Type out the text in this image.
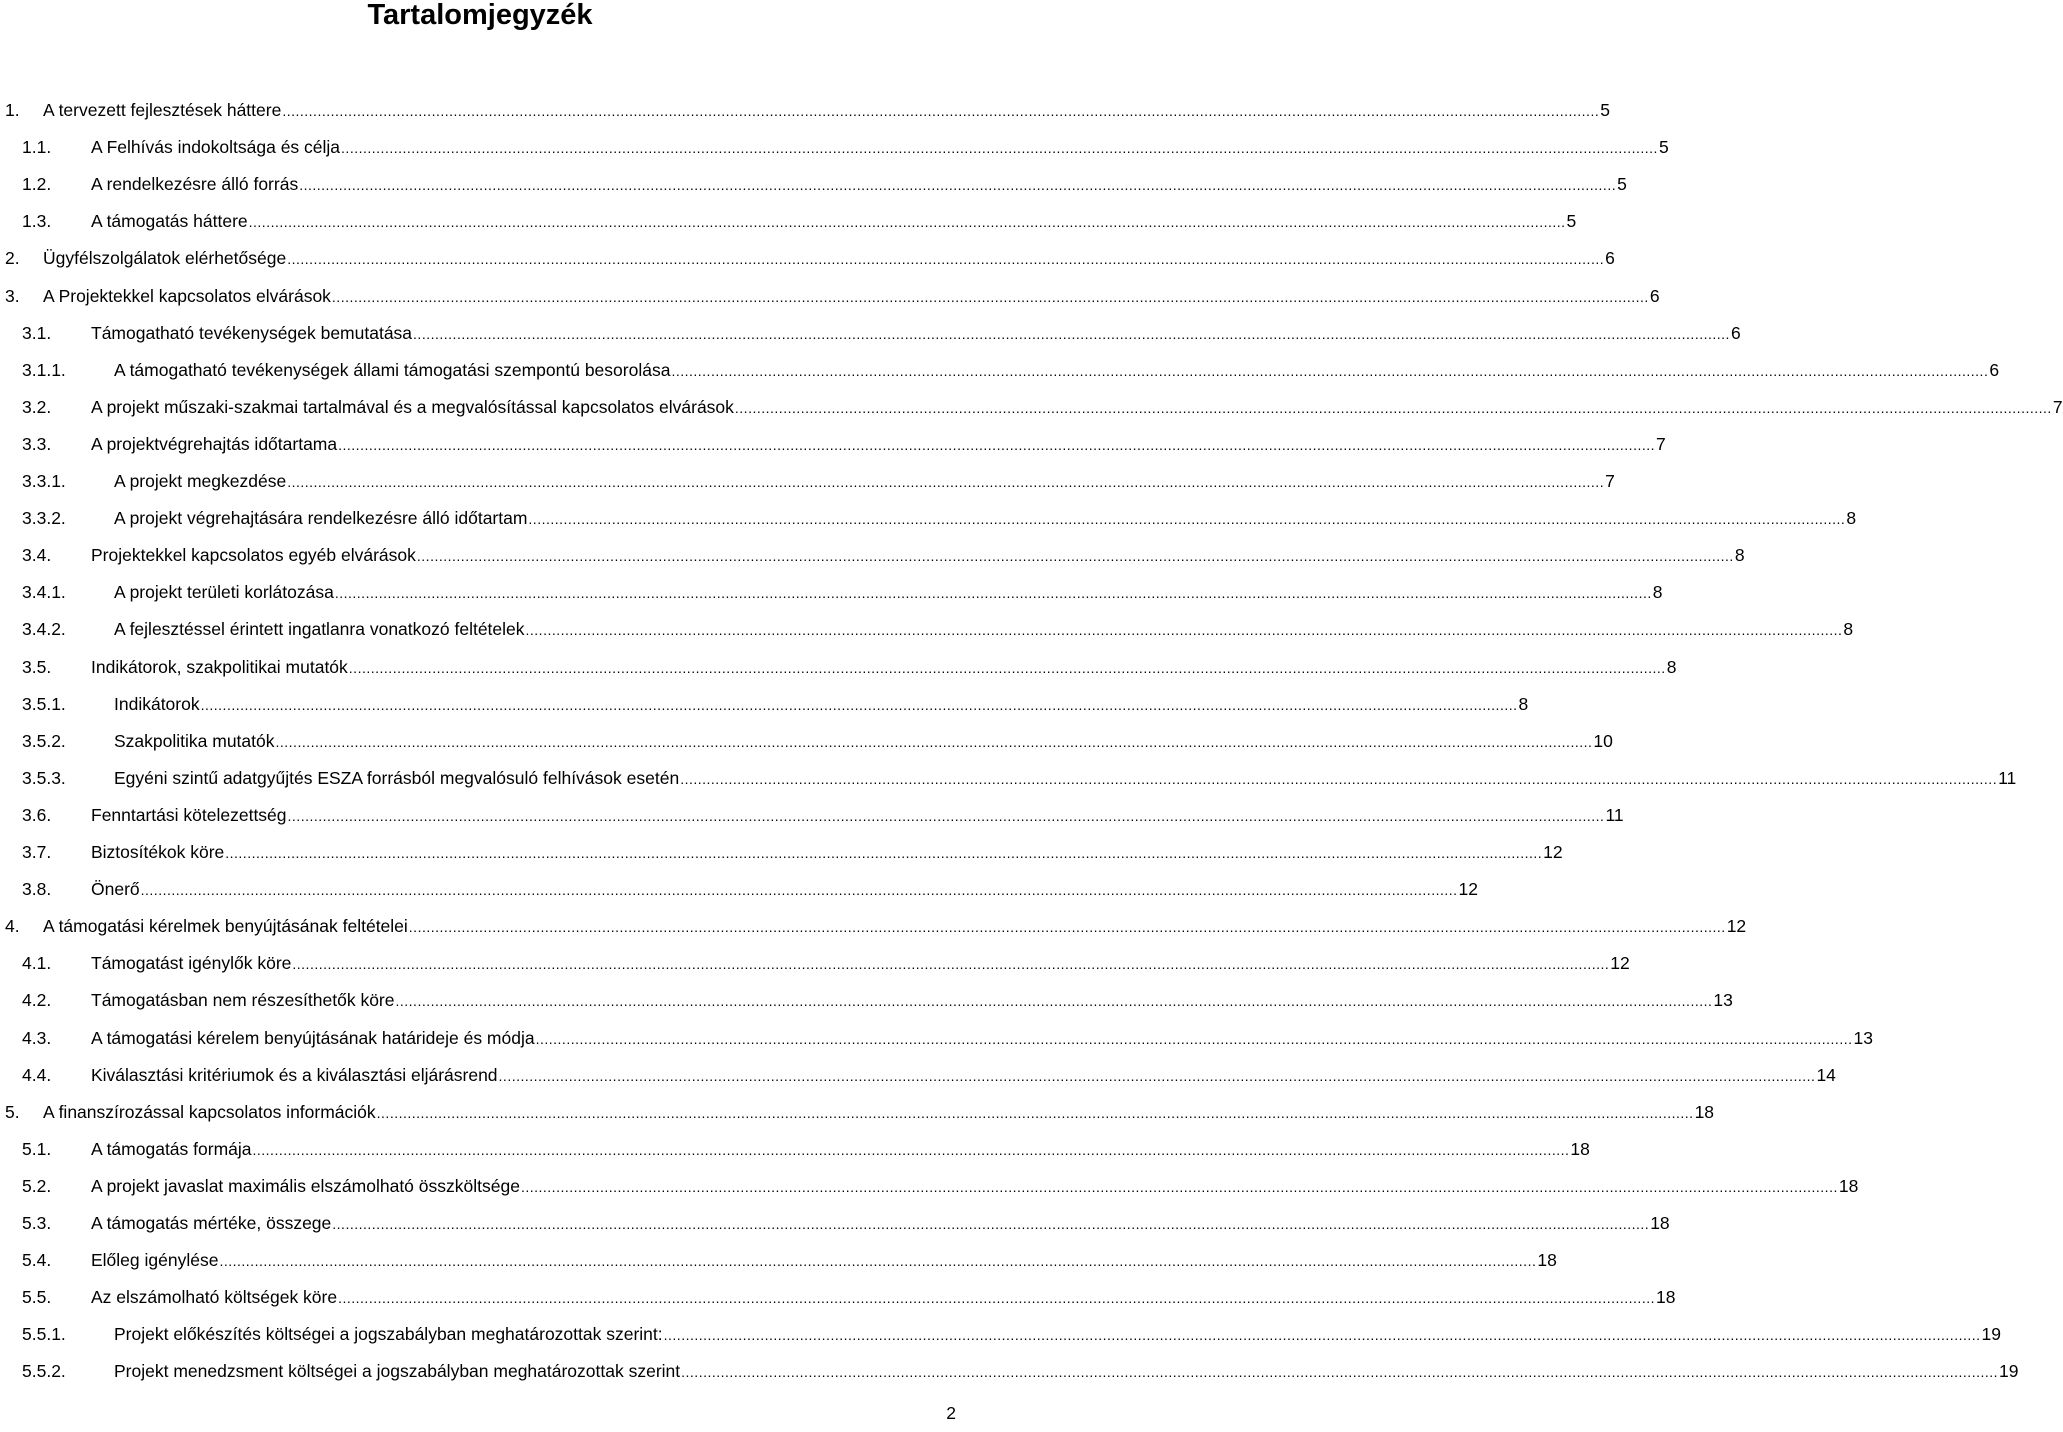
Tartalomjegyzék
1. A tervezett fejlesztések háttere ............................................................................................................................................................................................................................................................................................................ 5
1.1. A Felhívás indokoltsága és célja ............................................................................................................................................................................................................................................................................................................ 5
1.2. A rendelkezésre álló forrás ............................................................................................................................................................................................................................................................................................................ 5
1.3. A támogatás háttere ............................................................................................................................................................................................................................................................................................................ 5
2. Ügyfélszolgálatok elérhetősége ............................................................................................................................................................................................................................................................................................................ 6
3. A Projektekkel kapcsolatos elvárások ............................................................................................................................................................................................................................................................................................................ 6
3.1. Támogatható tevékenységek bemutatása ............................................................................................................................................................................................................................................................................................................ 6
3.1.1.	A támogatható tevékenységek állami támogatási szempontú besorolása ............................................................................................................................................................................................................................................................................................................ 6
3.2. A projekt műszaki-szakmai tartalmával és a megvalósítással kapcsolatos elvárások ............................................................................................................................................................................................................................................................................................................ 7
3.3. A projektvégrehajtás időtartama ............................................................................................................................................................................................................................................................................................................ 7
3.3.1.	A projekt megkezdése ............................................................................................................................................................................................................................................................................................................ 7
3.3.2.	A projekt végrehajtására rendelkezésre álló időtartam ............................................................................................................................................................................................................................................................................................................ 8
3.4. Projektekkel kapcsolatos egyéb elvárások ............................................................................................................................................................................................................................................................................................................ 8
3.4.1.	A projekt területi korlátozása ............................................................................................................................................................................................................................................................................................................ 8
3.4.2.	A fejlesztéssel érintett ingatlanra vonatkozó feltételek ............................................................................................................................................................................................................................................................................................................ 8
3.5. Indikátorok, szakpolitikai mutatók ............................................................................................................................................................................................................................................................................................................ 8
3.5.1.	Indikátorok ............................................................................................................................................................................................................................................................................................................ 8
3.5.2.	Szakpolitika mutatók ............................................................................................................................................................................................................................................................................................................ 10
3.5.3.	Egyéni szintű adatgyűjtés ESZA forrásból megvalósuló felhívások esetén ............................................................................................................................................................................................................................................................................................................ 11
3.6. Fenntartási kötelezettség ............................................................................................................................................................................................................................................................................................................ 11
3.7. Biztosítékok köre ............................................................................................................................................................................................................................................................................................................ 12
3.8. Önerő ............................................................................................................................................................................................................................................................................................................ 12
4. A támogatási kérelmek benyújtásának feltételei ............................................................................................................................................................................................................................................................................................................ 12
4.1. Támogatást igénylők köre ............................................................................................................................................................................................................................................................................................................ 12
4.2. Támogatásban nem részesíthetők köre ............................................................................................................................................................................................................................................................................................................ 13
4.3. A támogatási kérelem benyújtásának határideje és módja ............................................................................................................................................................................................................................................................................................................ 13
4.4. Kiválasztási kritériumok és a kiválasztási eljárásrend ............................................................................................................................................................................................................................................................................................................ 14
5. A finanszírozással kapcsolatos információk ............................................................................................................................................................................................................................................................................................................ 18
5.1. A támogatás formája ............................................................................................................................................................................................................................................................................................................ 18
5.2. A projekt javaslat maximális elszámolható összköltsége ............................................................................................................................................................................................................................................................................................................ 18
5.3. A támogatás mértéke, összege ............................................................................................................................................................................................................................................................................................................ 18
5.4. Előleg igénylése ............................................................................................................................................................................................................................................................................................................ 18
5.5. Az elszámolható költségek köre ............................................................................................................................................................................................................................................................................................................ 18
5.5.1.	Projekt előkészítés költségei a jogszabályban meghatározottak szerint: ............................................................................................................................................................................................................................................................................................................ 19
5.5.2.	Projekt menedzsment költségei a jogszabályban meghatározottak szerint ............................................................................................................................................................................................................................................................................................................ 19
2
